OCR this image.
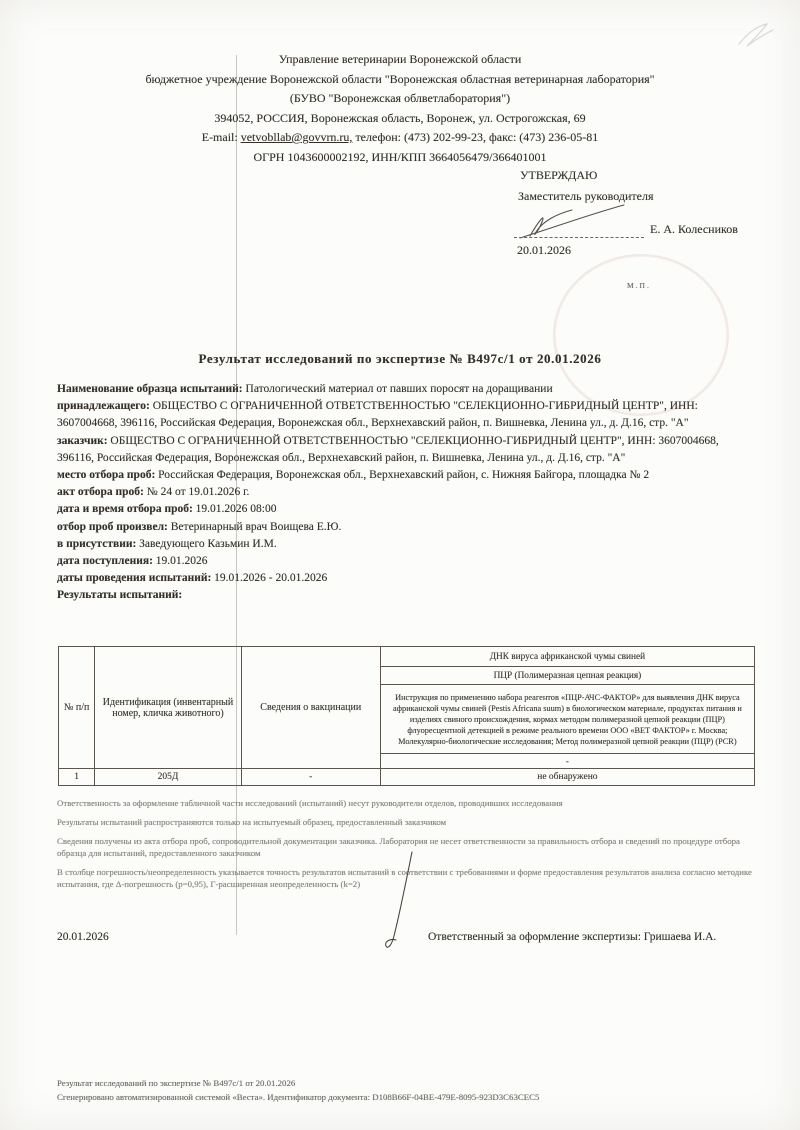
Управление ветеринарии Воронежской области
бюджетное учреждение Воронежской области "Воронежская областная ветеринарная лаборатория"
(БУВО "Воронежская облветлаборатория")
394052, РОССИЯ, Воронежская область, Воронеж, ул. Острогожская, 69
E-mail: vetvobllab@govvrn.ru, телефон: (473) 202-99-23, факс: (473) 236-05-81
ОГРН 1043600002192, ИНН/КПП 3664056479/366401001
УТВЕРЖДАЮ
Заместитель руководителя
Е. А. Колесников
20.01.2026
М.П.
Результат исследований по экспертизе № В497с/1 от 20.01.2026

Наименование образца испытаний: Патологический материал от павших поросят на доращивании

принадлежащего: ОБЩЕСТВО С ОГРАНИЧЕННОЙ ОТВЕТСТВЕННОСТЬЮ "СЕЛЕКЦИОННО-ГИБРИДНЫЙ ЦЕНТР", ИНН: 3607004668, 396116, Российская Федерация, Воронежская обл., Верхнехавский район, п. Вишневка, Ленина ул., д. Д.16, стр. "А"

заказчик: ОБЩЕСТВО С ОГРАНИЧЕННОЙ ОТВЕТСТВЕННОСТЬЮ "СЕЛЕКЦИОННО-ГИБРИДНЫЙ ЦЕНТР", ИНН: 3607004668, 396116, Российская Федерация, Воронежская обл., Верхнехавский район, п. Вишневка, Ленина ул., д. Д.16, стр. "А"

место отбора проб: Российская Федерация, Воронежская обл., Верхнехавский район, с. Нижняя Байгора, площадка № 2

акт отбора проб: № 24 от 19.01.2026 г.

дата и время отбора проб: 19.01.2026 08:00

отбор проб произвел: Ветеринарный врач Воищева Е.Ю.

в присутствии: Заведующего Казьмин И.М.

дата поступления: 19.01.2026

даты проведения испытаний: 19.01.2026 - 20.01.2026

Результаты испытаний:

№ п/п	Идентификация (инвентарный номер, кличка животного)	Сведения о вакцинации	ДНК вируса африканской чумы свиней
			ПЦР (Полимеразная цепная реакция)
			Инструкция по применению набора реагентов «ПЦР-АЧС-ФАКТОР» для выявления ДНК вируса африканской чумы свиней (Pestis Africana suum) в биологическом материале, продуктах питания и изделиях свиного происхождения, кормах методом полимеразной цепной реакции (ПЦР) флуоресцентной детекцией в режиме реального времени ООО «ВЕТ ФАКТОР» г. Москва; Молекулярно-биологические исследования; Метод полимеразной цепной реакции (ПЦР) (PCR)
			-
1	205Д	-	не обнаружено

Ответственность за оформление табличной части исследований (испытаний) несут руководители отделов, проводивших исследования

Результаты испытаний распространяются только на испытуемый образец, предоставленный заказчиком

Сведения получены из акта отбора проб, сопроводительной документации заказчика. Лаборатория не несет ответственности за правильность отбора и сведений по процедуре отбора образца для испытаний, предоставленного заказчиком

В столбце погрешность/неопределенность указывается точность результатов испытаний в соответствии с требованиями и форме предоставления результатов анализа согласно методике испытания, где Δ-погрешность (р=0,95), Г-расширенная неопределенность (k=2)

20.01.2026	Ответственный за оформление экспертизы: Гришаева И.А.

Результат исследований по экспертизе № В497с/1 от 20.01.2026

Сгенерировано автоматизированной системой «Веста». Идентификатор документа: D108B66F-04BE-479E-8095-923D3C63CEC5
